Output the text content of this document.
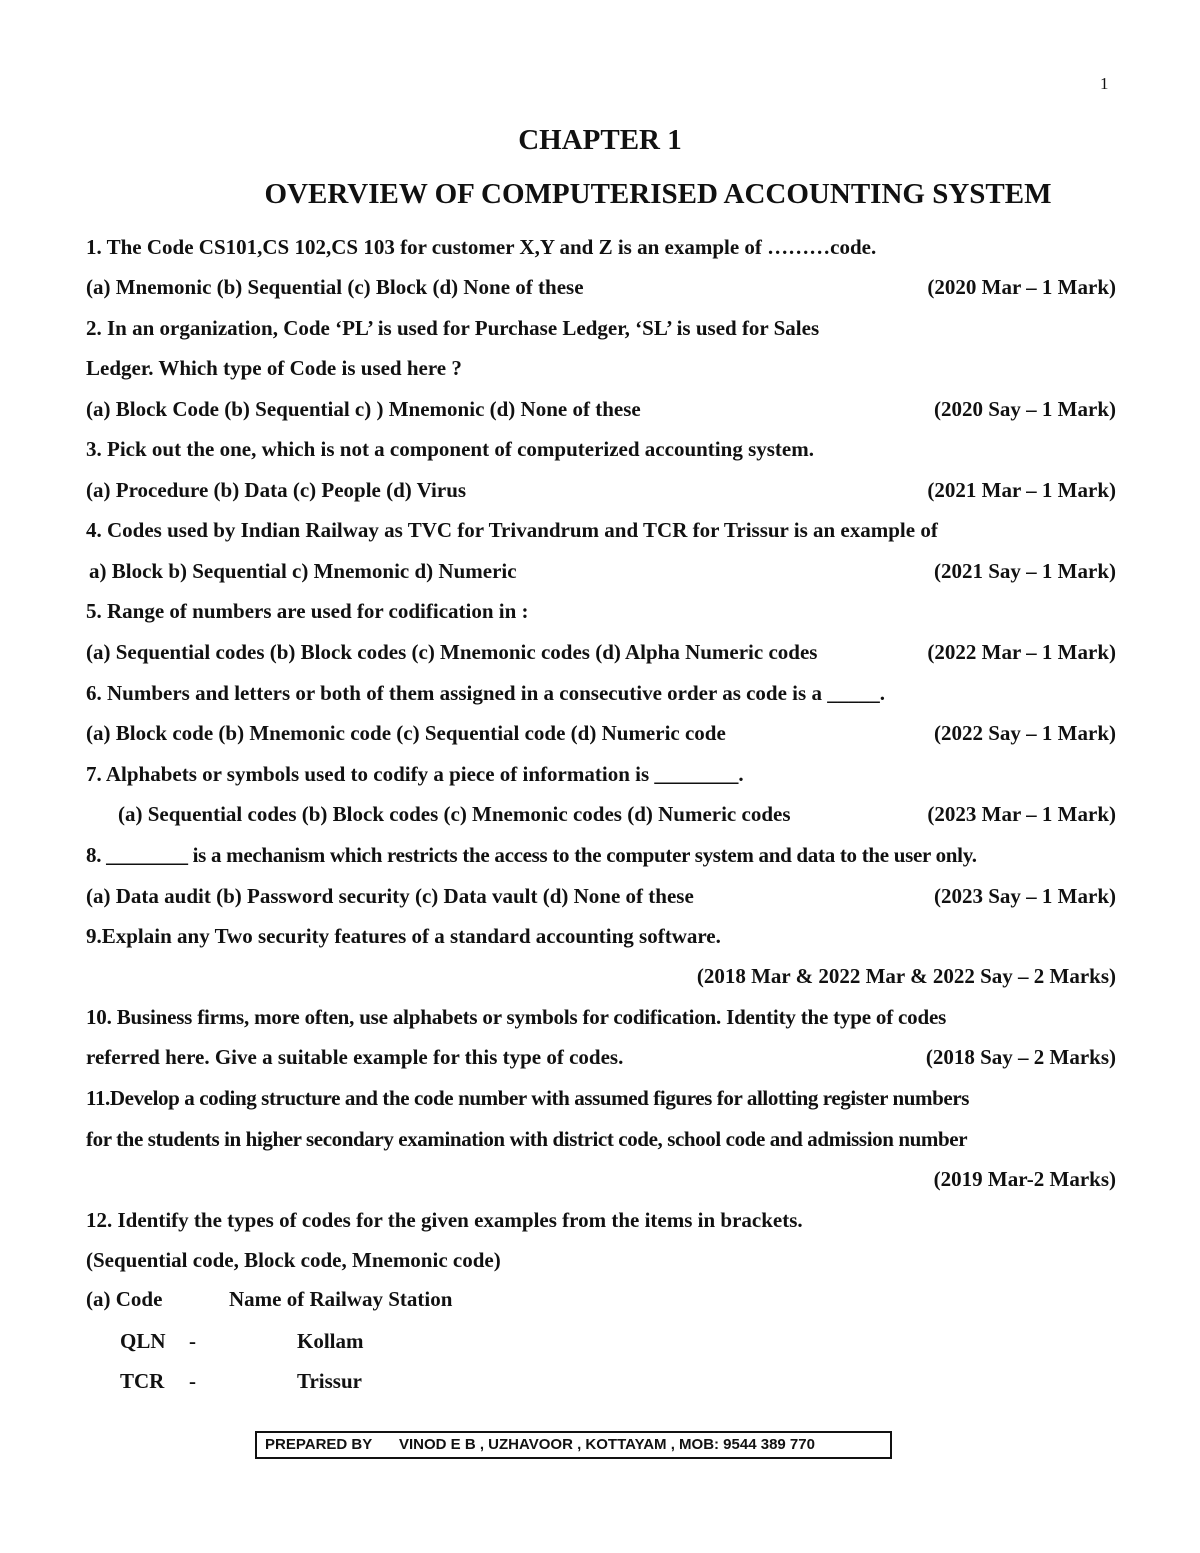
1
CHAPTER 1
OVERVIEW OF COMPUTERISED ACCOUNTING SYSTEM
1. The Code CS101,CS 102,CS 103 for customer X,Y and Z is an example of ………code.
(a) Mnemonic (b) Sequential (c) Block (d) None of these	(2020 Mar – 1 Mark)
2. In an organization, Code ‘PL’ is used for Purchase Ledger, ‘SL’ is used for Sales
Ledger. Which type of Code is used here ?
(a) Block Code (b) Sequential c) ) Mnemonic (d) None of these	(2020 Say – 1 Mark)
3. Pick out the one, which is not a component of computerized accounting system.
(a) Procedure (b) Data (c) People (d) Virus	(2021 Mar – 1 Mark)
4. Codes used by Indian Railway as TVC for Trivandrum and TCR for Trissur is an example of
a) Block b) Sequential c) Mnemonic d) Numeric	(2021 Say – 1 Mark)
5. Range of numbers are used for codification in :
(a) Sequential codes (b) Block codes (c) Mnemonic codes (d) Alpha Numeric codes	(2022 Mar – 1 Mark)
6. Numbers and letters or both of them assigned in a consecutive order as code is a _____.
(a) Block code (b) Mnemonic code (c) Sequential code (d) Numeric code	(2022 Say – 1 Mark)
7. Alphabets or symbols used to codify a piece of information is ________.
(a) Sequential codes (b) Block codes (c) Mnemonic codes (d) Numeric codes	(2023 Mar – 1 Mark)
8. ________ is a mechanism which restricts the access to the computer system and data to the user only.
(a) Data audit (b) Password security (c) Data vault (d) None of these	(2023 Say – 1 Mark)
9.Explain any Two security features of a standard accounting software.
(2018 Mar & 2022 Mar & 2022 Say – 2 Marks)
10. Business firms, more often, use alphabets or symbols for codification. Identity the type of codes
referred here. Give a suitable example for this type of codes.	(2018 Say – 2 Marks)
11.Develop a coding structure and the code number with assumed figures for allotting register numbers
for the students in higher secondary examination with district code, school code and admission number
(2019 Mar-2 Marks)
12. Identify the types of codes for the given examples from the items in brackets.
(Sequential code, Block code, Mnemonic code)
(a) Code	Name of Railway Station
QLN -	Kollam
TCR -	Trissur
PREPARED BY VINOD E B , UZHAVOOR , KOTTAYAM , MOB: 9544 389 770
